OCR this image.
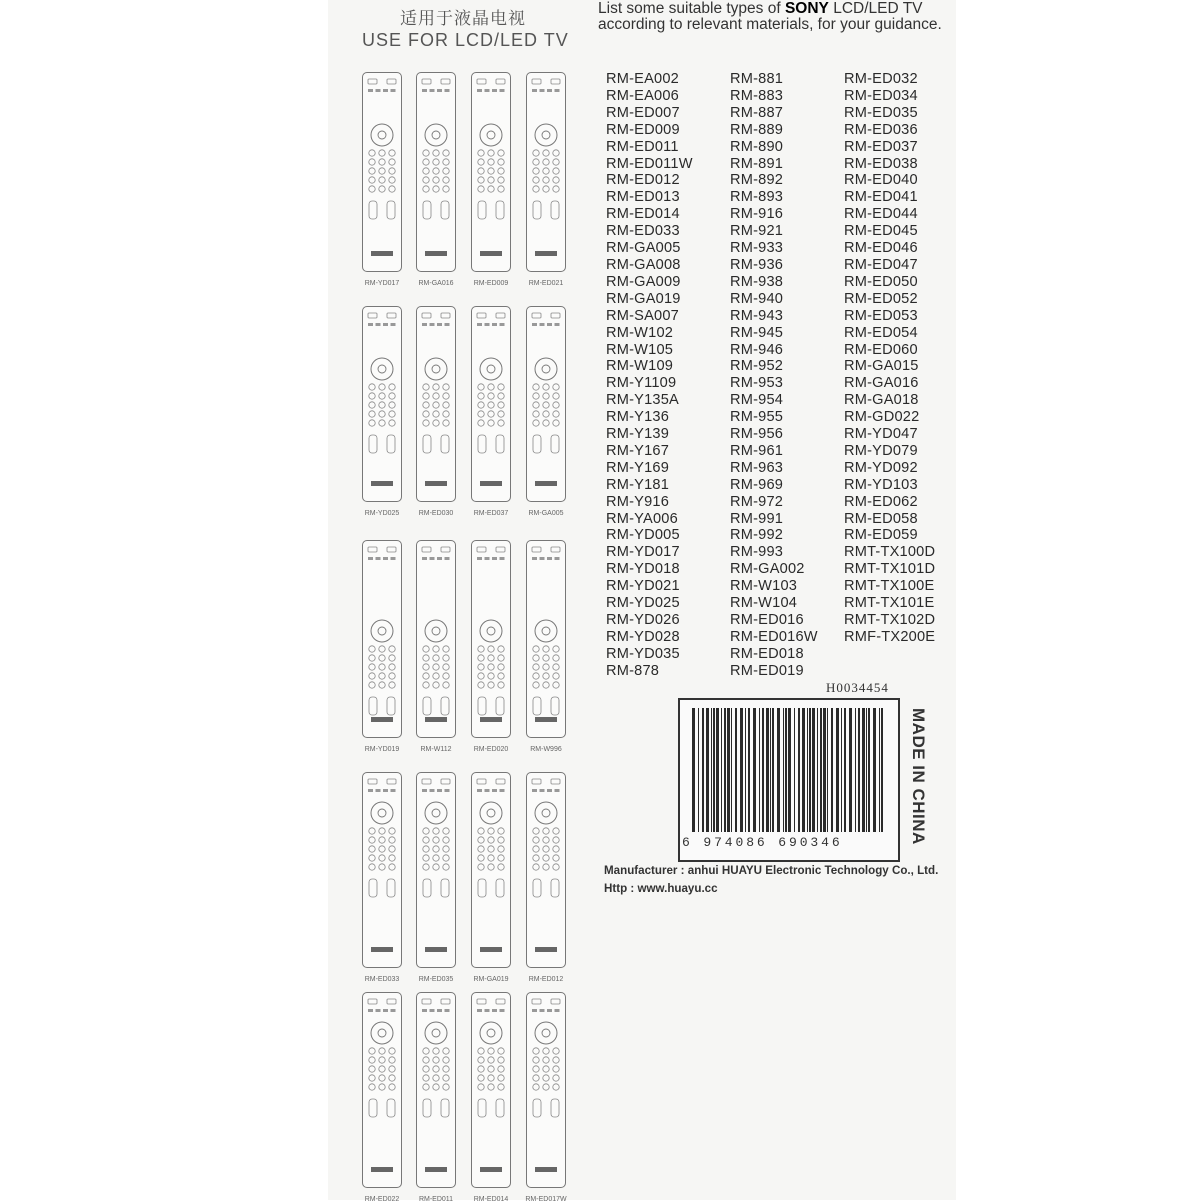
适用于液晶电视
USE FOR LCD/LED TV
RM-YD017	RM-GA016	RM-ED009	RM-ED021
RM-YD025	RM-ED030	RM-ED037	RM-GA005
RM-YD019	RM-W112	RM-ED020	RM-W996
RM-ED033	RM-ED035	RM-GA019	RM-ED012
RM-ED022	RM-ED011	RM-ED014	RM-ED017W
List some suitable types of SONY LCD/LED TV according to relevant materials, for your guidance.
RM-EA002
RM-EA006
RM-ED007
RM-ED009
RM-ED011
RM-ED011W
RM-ED012
RM-ED013
RM-ED014
RM-ED033
RM-GA005
RM-GA008
RM-GA009
RM-GA019
RM-SA007
RM-W102
RM-W105
RM-W109
RM-Y1109
RM-Y135A
RM-Y136
RM-Y139
RM-Y167
RM-Y169
RM-Y181
RM-Y916
RM-YA006
RM-YD005
RM-YD017
RM-YD018
RM-YD021
RM-YD025
RM-YD026
RM-YD028
RM-YD035
RM-878
RM-881
RM-883
RM-887
RM-889
RM-890
RM-891
RM-892
RM-893
RM-916
RM-921
RM-933
RM-936
RM-938
RM-940
RM-943
RM-945
RM-946
RM-952
RM-953
RM-954
RM-955
RM-956
RM-961
RM-963
RM-969
RM-972
RM-991
RM-992
RM-993
RM-GA002
RM-W103
RM-W104
RM-ED016
RM-ED016W
RM-ED018
RM-ED019
RM-ED032
RM-ED034
RM-ED035
RM-ED036
RM-ED037
RM-ED038
RM-ED040
RM-ED041
RM-ED044
RM-ED045
RM-ED046
RM-ED047
RM-ED050
RM-ED052
RM-ED053
RM-ED054
RM-ED060
RM-GA015
RM-GA016
RM-GA018
RM-GD022
RM-YD047
RM-YD079
RM-YD092
RM-YD103
RM-ED062
RM-ED058
RM-ED059
RMT-TX100D
RMT-TX101D
RMT-TX100E
RMT-TX101E
RMT-TX102D
RMF-TX200E
H0034454
6 974086 690346	MADE IN CHINA
Manufacturer : anhui HUAYU Electronic Technology Co., Ltd.
Http : www.huayu.cc
